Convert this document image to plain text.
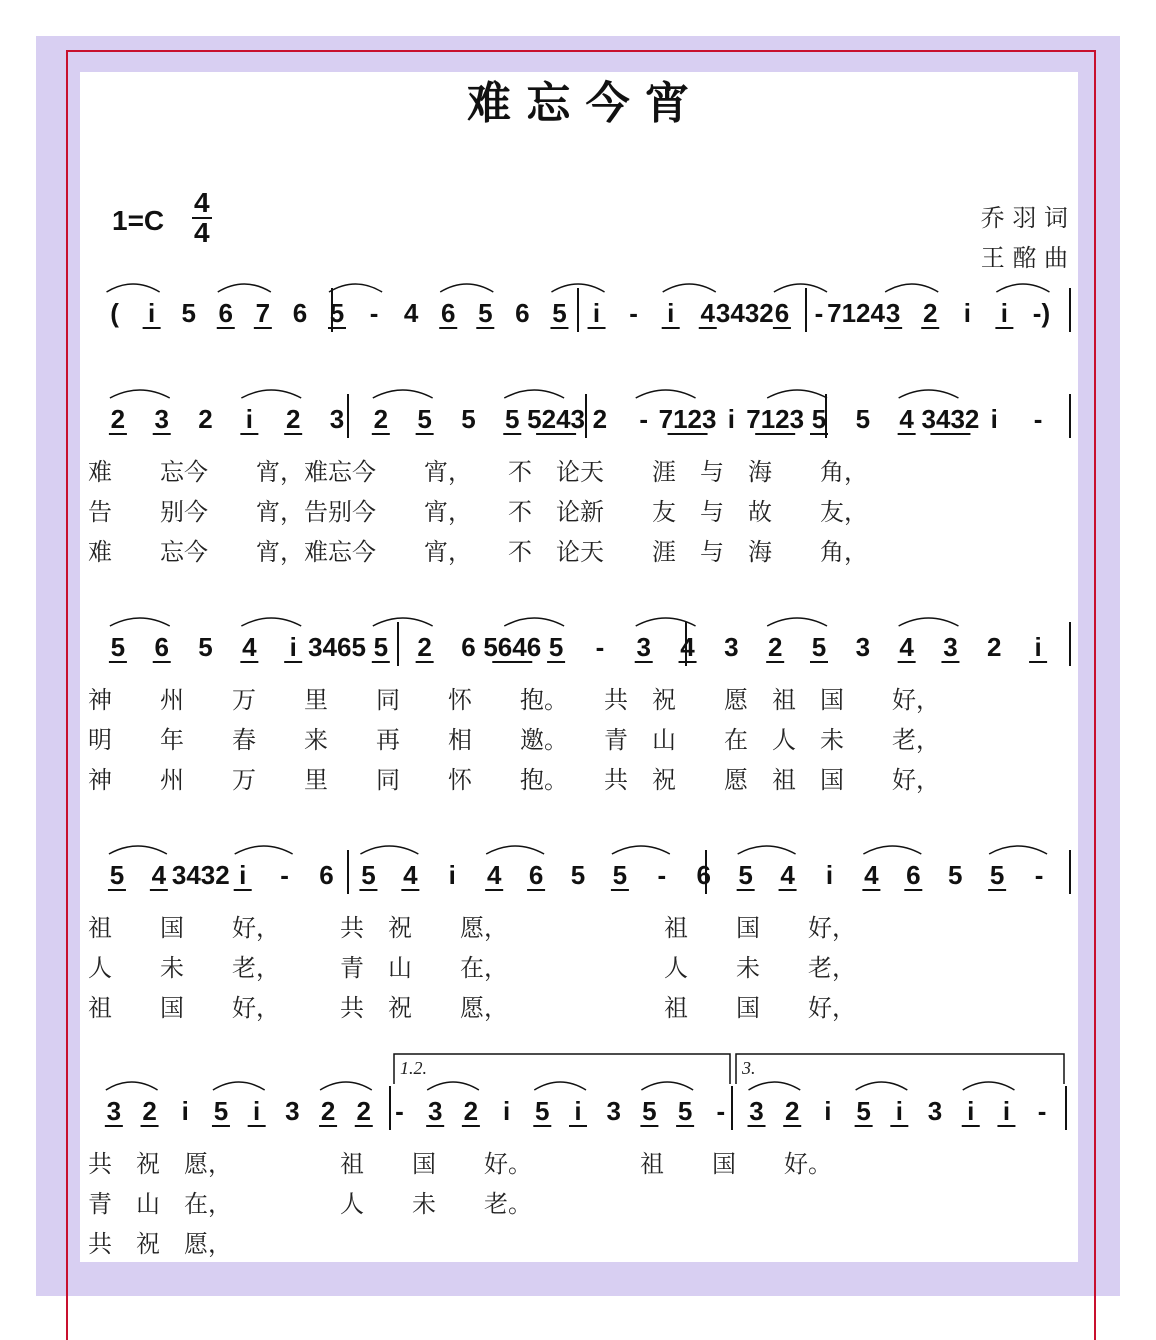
难 忘 今 宵
1=C
4
4	乔 羽 词
王 酩 曲
( i 5 6 7 6 5 - 4 6 5 6 5 i - i 4 3432 6 - 7124 3 2 i i -)
2 3 2 i 2 3 2 5 5 5 5243 2 - 7123 i 7123 5 5 4 3432 i -
难　　忘今　　宵，难忘今　　宵，　　不　论天　　涯　与　海　　角，
告　　别今　　宵，告别今　　宵，　　不　论新　　友　与　故　　友，
难　　忘今　　宵，难忘今　　宵，　　不　论天　　涯　与　海　　角，
5 6 5 4 i 3465 5 2 6 5646 5 - 3 4 3 2 5 3 4 3 2 i
神　　州　　万　　里　　同　　怀　　抱。　　共　祝　　愿　祖　国　　好，
明　　年　　春　　来　　再　　相　　邀。　　青　山　　在　人　未　　老，
神　　州　　万　　里　　同　　怀　　抱。　　共　祝　　愿　祖　国　　好，
5 4 3432 i - 6 5 4 i 4 6 5 5 - 6 5 4 i 4 6 5 5 -
祖　　国　　好，　　　共　祝　　愿，　　　　　　　祖　　国　　好，
人　　未　　老，　　　青　山　　在，　　　　　　　人　　未　　老，
祖　　国　　好，　　　共　祝　　愿，　　　　　　　祖　　国　　好，
3 2 i 5 i 3 2 2 - 3 2 i 5 i 3 5 5 - 3 2 i 5 i 3 i i -
1.2.	3.
共　祝　愿，　　　　　祖　　国　　好。　　　　　祖　　国　　好。
青　山　在，　　　　　人　　未　　老。
共　祝　愿，
